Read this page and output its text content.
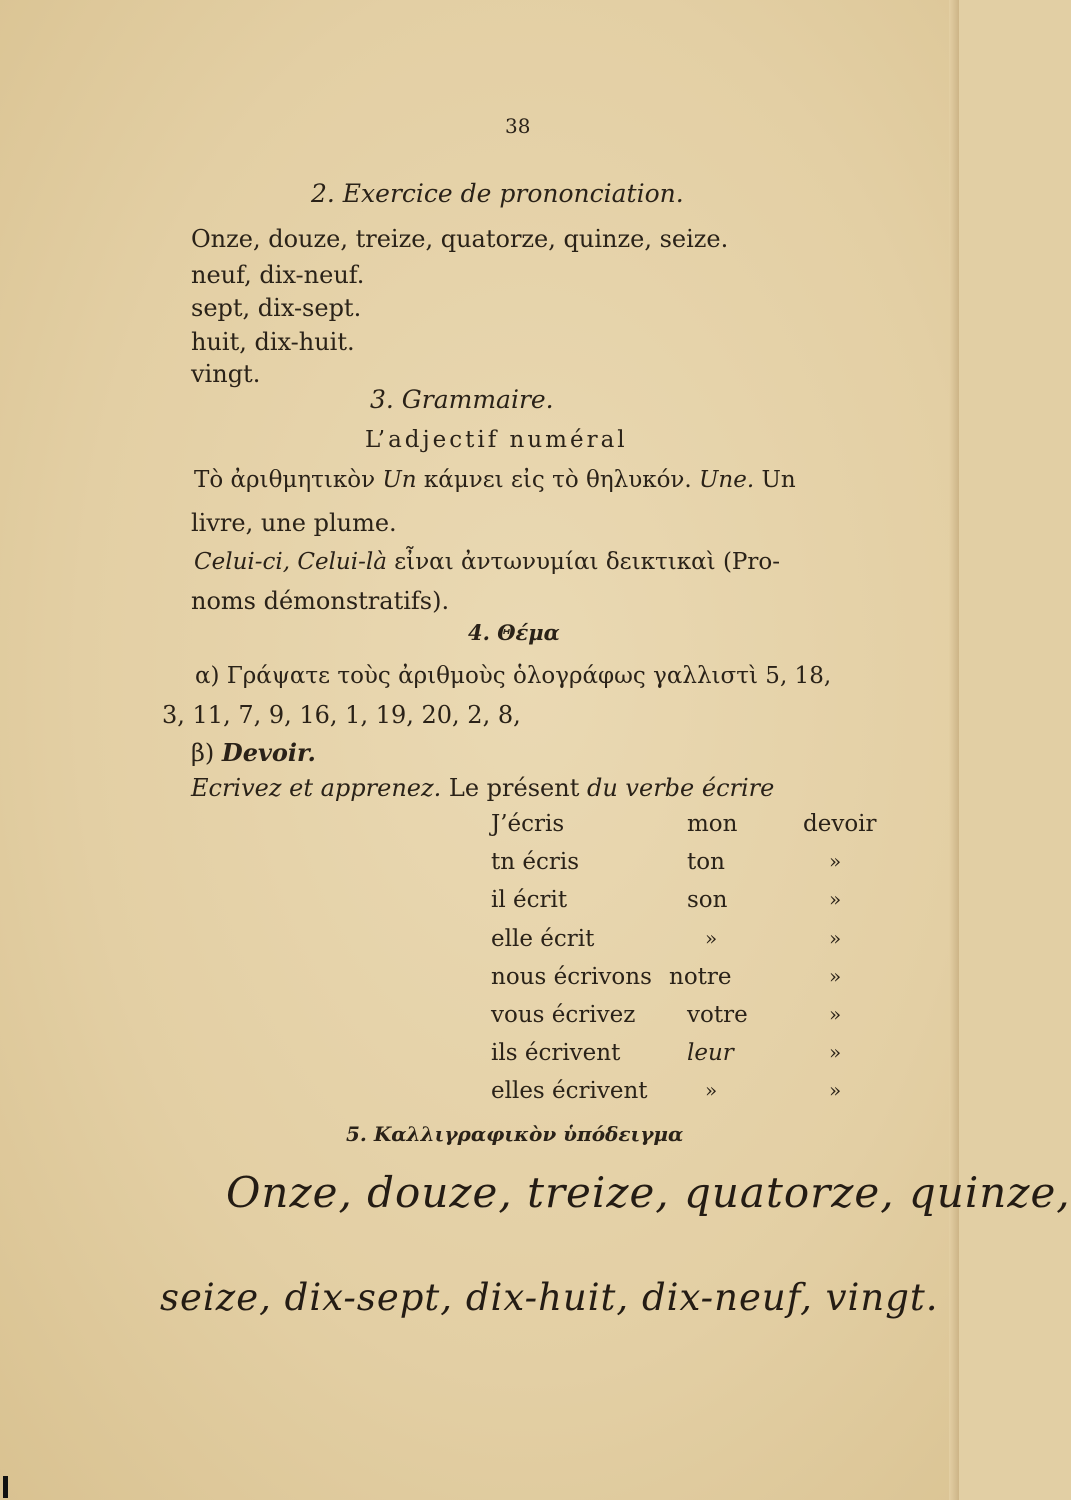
38
2. Exercice de prononciation.
Onze, douze, treize, quatorze, quinze, seize.
neuf, dix-neuf.
sept, dix-sept.
huit, dix-huit.
vingt.
3. Grammaire.
L’adjectif numéral
Τὸ ἀριθμητικὸν Un κάμνει εἰς τὸ θηλυκόν. Une. Un
livre, une plume.
Celui-ci, Celui-là εἶναι ἀντωνυμίαι δεικτικαὶ (Pro-
noms démonstratifs).
4. Θέμα
α) Γράψατε τοὺς ἀριθμοὺς ὁλογράφως γαλλιστὶ 5, 18,
3, 11, 7, 9, 16, 1, 19, 20, 2, 8,
β) Devoir.
Ecrivez et apprenez. Le présent du verbe écrire
J’écris	mon	devoir
tn écris	ton	»
il écrit	son	»
elle écrit	»	»
nous écrivons notre	»
vous écrivez votre	»
ils écrivent	leur	»
elles écrivent	»	»
5. Καλλιγραφικὸν ὑπόδειγμα
Onze, douze, treize, quatorze, quinze,
seize, dix-sept, dix-huit, dix-neuf, vingt.
